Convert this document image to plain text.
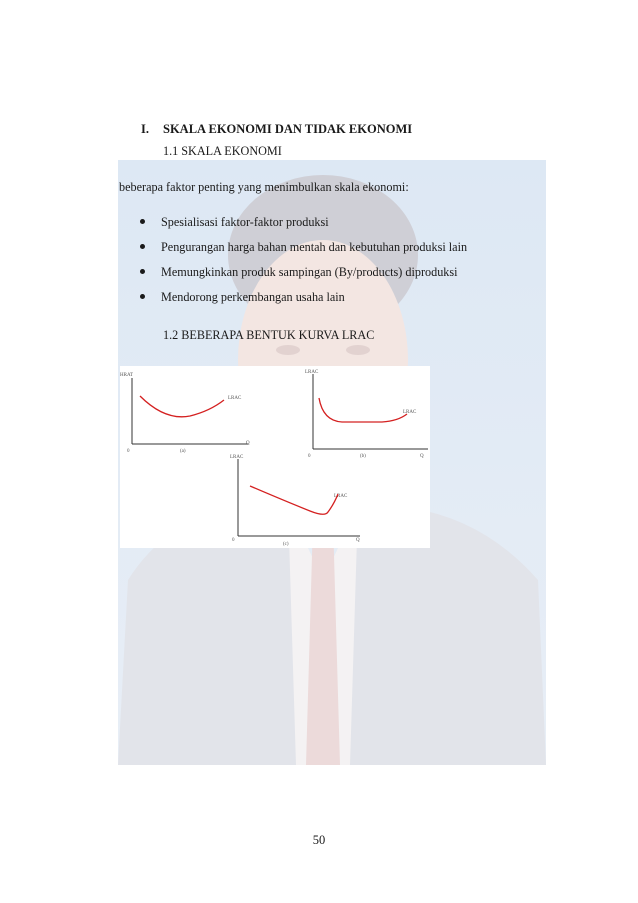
I. SKALA EKONOMI DAN TIDAK EKONOMI
1.1 SKALA EKONOMI
beberapa faktor penting yang menimbulkan skala ekonomi:
Spesialisasi faktor-faktor produksi
Pengurangan harga bahan mentah dan kebutuhan produksi lain
Memungkinkan produk sampingan (By/products) diproduksi
Mendorong perkembangan usaha lain
1.2 BEBERAPA BENTUK KURVA LRAC
HRAT
0
Q
(a)
LRAC
LRAC
0	Q
(b)
LRAC
LRAC
0	Q
(c)
LRAC
50
